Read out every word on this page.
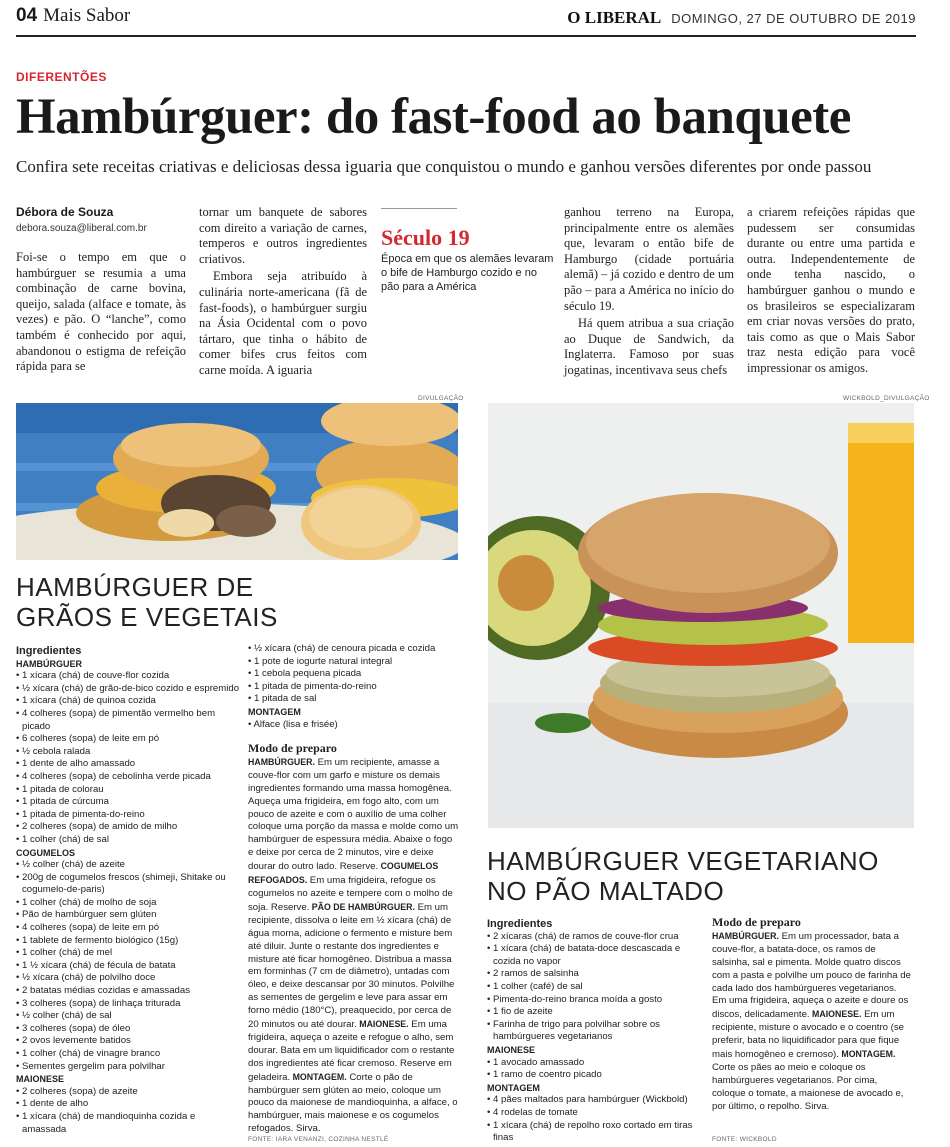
04 Mais Sabor	O LIBERAL DOMINGO, 27 DE OUTUBRO DE 2019
DIFERENTÕES
Hambúrguer: do fast-food ao banquete
Confira sete receitas criativas e deliciosas dessa iguaria que conquistou o mundo e ganhou versões diferentes por onde passou
Débora de Souza
debora.souza@liberal.com.br

Foi-se o tempo em que o hambúrguer se resumia a uma combinação de carne bovina, queijo, salada (alface e tomate, às vezes) e pão. O “lanche”, como também é conhecido por aqui, abandonou o estigma de refeição rápida para se

tornar um banquete de sabores com direito a variação de carnes, temperos e outros ingredientes criativos.

Embora seja atribuído à culinária norte-americana (fã de fast-foods), o hambúrguer surgiu na Ásia Ocidental com o povo tártaro, que tinha o hábito de comer bifes crus feitos com carne moída. A iguaria

Século 19
Época em que os alemães levaram o bife de Hamburgo cozido e no pão para a América

ganhou terreno na Europa, principalmente entre os alemães que, levaram o então bife de Hamburgo (cidade portuária alemã) – já cozido e dentro de um pão – para a América no início do século 19.

Há quem atribua a sua criação ao Duque de Sandwich, da Inglaterra. Famoso por suas jogatinas, incentivava seus chefs

a criarem refeições rápidas que pudessem ser consumidas durante ou entre uma partida e outra. Independentemente de onde tenha nascido, o hambúrguer ganhou o mundo e os brasileiros se especializaram em criar novas versões do prato, tais como as que o Mais Sabor traz nesta edição para você impressionar os amigos.

DIVULGAÇÃO	WICKBOLD_DIVULGAÇÃO
HAMBÚRGUER DE
GRÃOS E VEGETAIS
Ingredientes
HAMBÚRGUER
• 1 xícara (chá) de couve-flor cozida
• ½ xícara (chá) de grão-de-bico cozido e espremido
• 1 xícara (chá) de quinoa cozida
• 4 colheres (sopa) de pimentão vermelho bem picado
• 6 colheres (sopa) de leite em pó
• ½ cebola ralada
• 1 dente de alho amassado
• 4 colheres (sopa) de cebolinha verde picada
• 1 pitada de colorau
• 1 pitada de cúrcuma
• 1 pitada de pimenta-do-reino
• 2 colheres (sopa) de amido de milho
• 1 colher (chá) de sal
COGUMELOS
• ½ colher (chá) de azeite
• 200g de cogumelos frescos (shimeji, Shitake ou cogumelo-de-paris)
• 1 colher (chá) de molho de soja
• Pão de hambúrguer sem glúten
• 4 colheres (sopa) de leite em pó
• 1 tablete de fermento biológico (15g)
• 1 colher (chá) de mel
• 1 ½ xícara (chá) de fécula de batata
• ½ xícara (chá) de polvilho doce
• 2 batatas médias cozidas e amassadas
• 3 colheres (sopa) de linhaça triturada
• ½ colher (chá) de sal
• 3 colheres (sopa) de óleo
• 2 ovos levemente batidos
• 1 colher (chá) de vinagre branco
• Sementes gergelim para polvilhar
MAIONESE
• 2 colheres (sopa) de azeite
• 1 dente de alho
• 1 xícara (chá) de mandioquinha cozida e amassada
• ½ xícara (chá) de cenoura picada e cozida
• 1 pote de iogurte natural integral
• 1 cebola pequena picada
• 1 pitada de pimenta-do-reino
• 1 pitada de sal
MONTAGEM
• Alface (lisa e frisée)
Modo de preparo
HAMBÚRGUER. Em um recipiente, amasse a couve-flor com um garfo e misture os demais ingredientes formando uma massa homogênea. Aqueça uma frigideira, em fogo alto, com um pouco de azeite e com o auxílio de uma colher coloque uma porção da massa e molde como um hambúrguer de espessura média. Abaixe o fogo e deixe por cerca de 2 minutos, vire e deixe dourar do outro lado. Reserve. COGUMELOS REFOGADOS. Em uma frigideira, refogue os cogumelos no azeite e tempere com o molho de soja. Reserve. PÃO DE HAMBÚRGUER. Em um recipiente, dissolva o leite em ½ xícara (chá) de água morna, adicione o fermento e misture bem até diluir. Junte o restante dos ingredientes e misture até ficar homogêneo. Distribua a massa em forminhas (7 cm de diâmetro), untadas com óleo, e deixe descansar por 30 minutos. Polvilhe as sementes de gergelim e leve para assar em forno médio (180°C), preaquecido, por cerca de 20 minutos ou até dourar. MAIONESE. Em uma frigideira, aqueça o azeite e refogue o alho, sem dourar. Bata em um liquidificador com o restante dos ingredientes até ficar cremoso. Reserve em geladeira. MONTAGEM. Corte o pão de hambúrguer sem glúten ao meio, coloque um pouco da maionese de mandioquinha, a alface, o hambúrguer, mais maionese e os cogumelos refogados. Sirva.
FONTE: IARA VENANZI, COZINHA NESTLÉ
HAMBÚRGUER VEGETARIANO
NO PÃO MALTADO
Ingredientes
• 2 xícaras (chá) de ramos de couve-flor crua
• 1 xícara (chá) de batata-doce descascada e cozida no vapor
• 2 ramos de salsinha
• 1 colher (café) de sal
• Pimenta-do-reino branca moída a gosto
• 1 fio de azeite
• Farinha de trigo para polvilhar sobre os hambúrgueres vegetarianos
MAIONESE
• 1 avocado amassado
• 1 ramo de coentro picado
MONTAGEM
• 4 pães maltados para hambúrguer (Wickbold)
• 4 rodelas de tomate
• 1 xícara (chá) de repolho roxo cortado em tiras finas
Modo de preparo
HAMBÚRGUER. Em um processador, bata a couve-flor, a batata-doce, os ramos de salsinha, sal e pimenta. Molde quatro discos com a pasta e polvilhe um pouco de farinha de cada lado dos hambúrgueres vegetarianos. Em uma frigideira, aqueça o azeite e doure os discos, delicadamente. MAIONESE. Em um recipiente, misture o avocado e o coentro (se preferir, bata no liquidificador para que fique mais homogêneo e cremoso). MONTAGEM. Corte os pães ao meio e coloque os hambúrgueres vegetarianos. Por cima, coloque o tomate, a maionese de avocado e, por último, o repolho. Sirva.
FONTE: WICKBOLD
